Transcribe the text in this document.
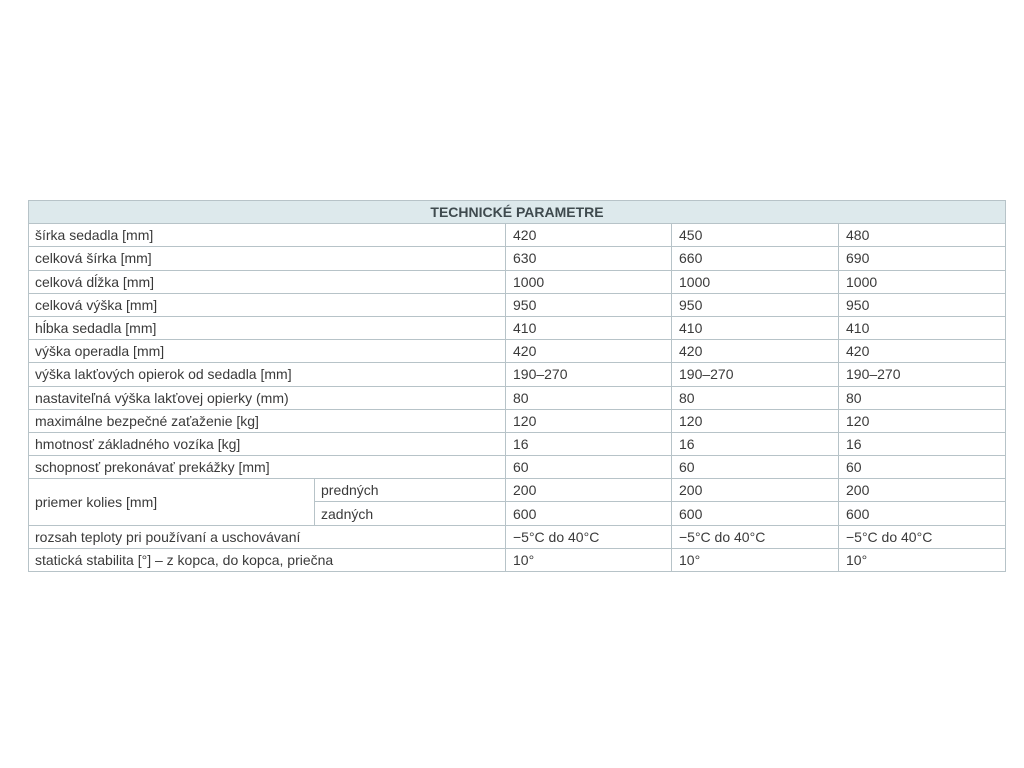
TECHNICKÉ PARAMETRE				
šírka sedadla [mm]		420	450	480
celková šírka [mm]		630	660	690
celková dĺžka [mm]		1000	1000	1000
celková výška [mm]		950	950	950
hĺbka sedadla [mm]		410	410	410
výška operadla [mm]		420	420	420
výška lakťových opierok od sedadla [mm]		190–270	190–270	190–270
nastaviteľná výška lakťovej opierky (mm)		80	80	80
maximálne bezpečné zaťaženie [kg]		120	120	120
hmotnosť základného vozíka [kg]		16	16	16
schopnosť prekonávať prekážky [mm]		60	60	60
priemer kolies [mm]	predných	200	200	200
	zadných	600	600	600
rozsah teploty pri používaní a uschovávaní		−5°C do 40°C	−5°C do 40°C	−5°C do 40°C
statická stabilita [°] – z kopca, do kopca, priečna		10°	10°	10°
